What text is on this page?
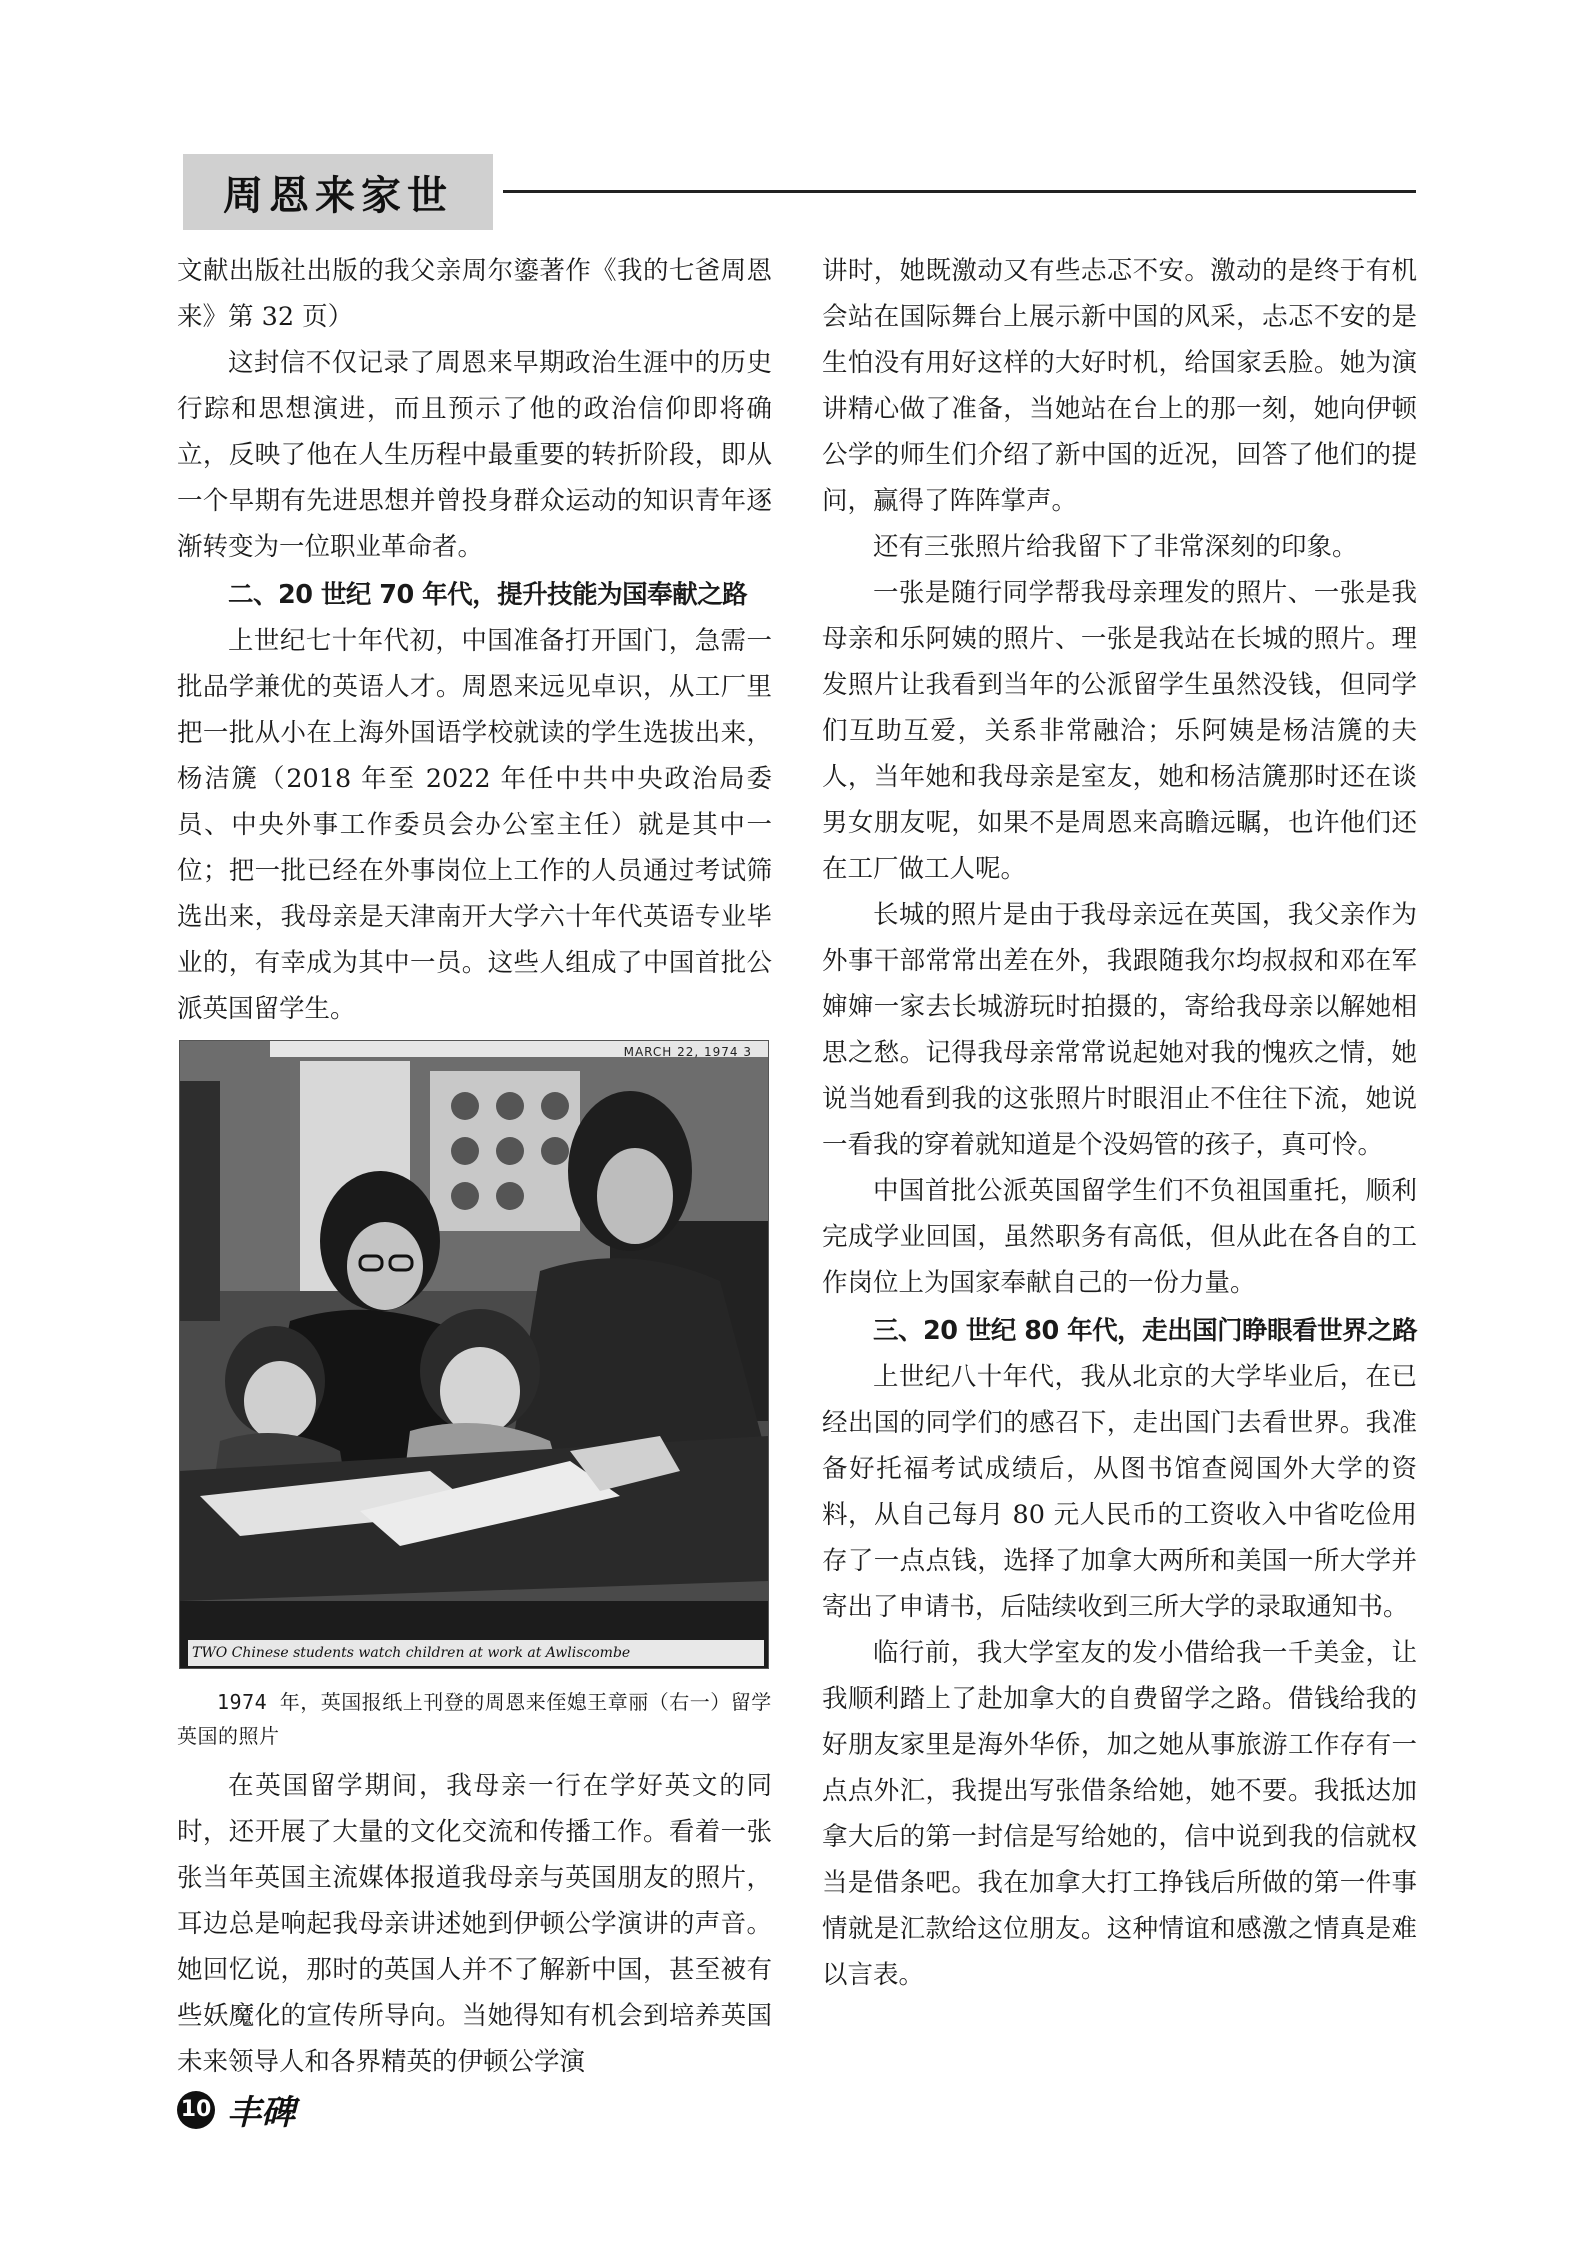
周恩来家世

文献出版社出版的我父亲周尔鎏著作《我的七爸周恩来》第 32 页）

这封信不仅记录了周恩来早期政治生涯中的历史行踪和思想演进，而且预示了他的政治信仰即将确立，反映了他在人生历程中最重要的转折阶段，即从一个早期有先进思想并曾投身群众运动的知识青年逐渐转变为一位职业革命者。

二、20 世纪 70 年代，提升技能为国奉献之路

上世纪七十年代初，中国准备打开国门，急需一批品学兼优的英语人才。周恩来远见卓识，从工厂里把一批从小在上海外国语学校就读的学生选拔出来，杨洁篪（2018 年至 2022 年任中共中央政治局委员、中央外事工作委员会办公室主任）就是其中一位；把一批已经在外事岗位上工作的人员通过考试筛选出来，我母亲是天津南开大学六十年代英语专业毕业的，有幸成为其中一员。这些人组成了中国首批公派英国留学生。

MARCH 22, 1974 3
TWO Chinese students watch children at work at Awliscombe

1974 年，英国报纸上刊登的周恩来侄媳王章丽（右一）留学英国的照片

在英国留学期间，我母亲一行在学好英文的同时，还开展了大量的文化交流和传播工作。看着一张张当年英国主流媒体报道我母亲与英国朋友的照片，耳边总是响起我母亲讲述她到伊顿公学演讲的声音。她回忆说，那时的英国人并不了解新中国，甚至被有些妖魔化的宣传所导向。当她得知有机会到培养英国未来领导人和各界精英的伊顿公学演

讲时，她既激动又有些忐忑不安。激动的是终于有机会站在国际舞台上展示新中国的风采，忐忑不安的是生怕没有用好这样的大好时机，给国家丢脸。她为演讲精心做了准备，当她站在台上的那一刻，她向伊顿公学的师生们介绍了新中国的近况，回答了他们的提问，赢得了阵阵掌声。

还有三张照片给我留下了非常深刻的印象。

一张是随行同学帮我母亲理发的照片、一张是我母亲和乐阿姨的照片、一张是我站在长城的照片。理发照片让我看到当年的公派留学生虽然没钱，但同学们互助互爱，关系非常融洽；乐阿姨是杨洁篪的夫人，当年她和我母亲是室友，她和杨洁篪那时还在谈男女朋友呢，如果不是周恩来高瞻远瞩，也许他们还在工厂做工人呢。

长城的照片是由于我母亲远在英国，我父亲作为外事干部常常出差在外，我跟随我尔均叔叔和邓在军婶婶一家去长城游玩时拍摄的，寄给我母亲以解她相思之愁。记得我母亲常常说起她对我的愧疚之情，她说当她看到我的这张照片时眼泪止不住往下流，她说一看我的穿着就知道是个没妈管的孩子，真可怜。

中国首批公派英国留学生们不负祖国重托，顺利完成学业回国，虽然职务有高低，但从此在各自的工作岗位上为国家奉献自己的一份力量。

三、20 世纪 80 年代，走出国门睁眼看世界之路

上世纪八十年代，我从北京的大学毕业后，在已经出国的同学们的感召下，走出国门去看世界。我准备好托福考试成绩后，从图书馆查阅国外大学的资料，从自己每月 80 元人民币的工资收入中省吃俭用存了一点点钱，选择了加拿大两所和美国一所大学并寄出了申请书，后陆续收到三所大学的录取通知书。

临行前，我大学室友的发小借给我一千美金，让我顺利踏上了赴加拿大的自费留学之路。借钱给我的好朋友家里是海外华侨，加之她从事旅游工作存有一点点外汇，我提出写张借条给她，她不要。我抵达加拿大后的第一封信是写给她的，信中说到我的信就权当是借条吧。我在加拿大打工挣钱后所做的第一件事情就是汇款给这位朋友。这种情谊和感激之情真是难以言表。

10 丰碑
